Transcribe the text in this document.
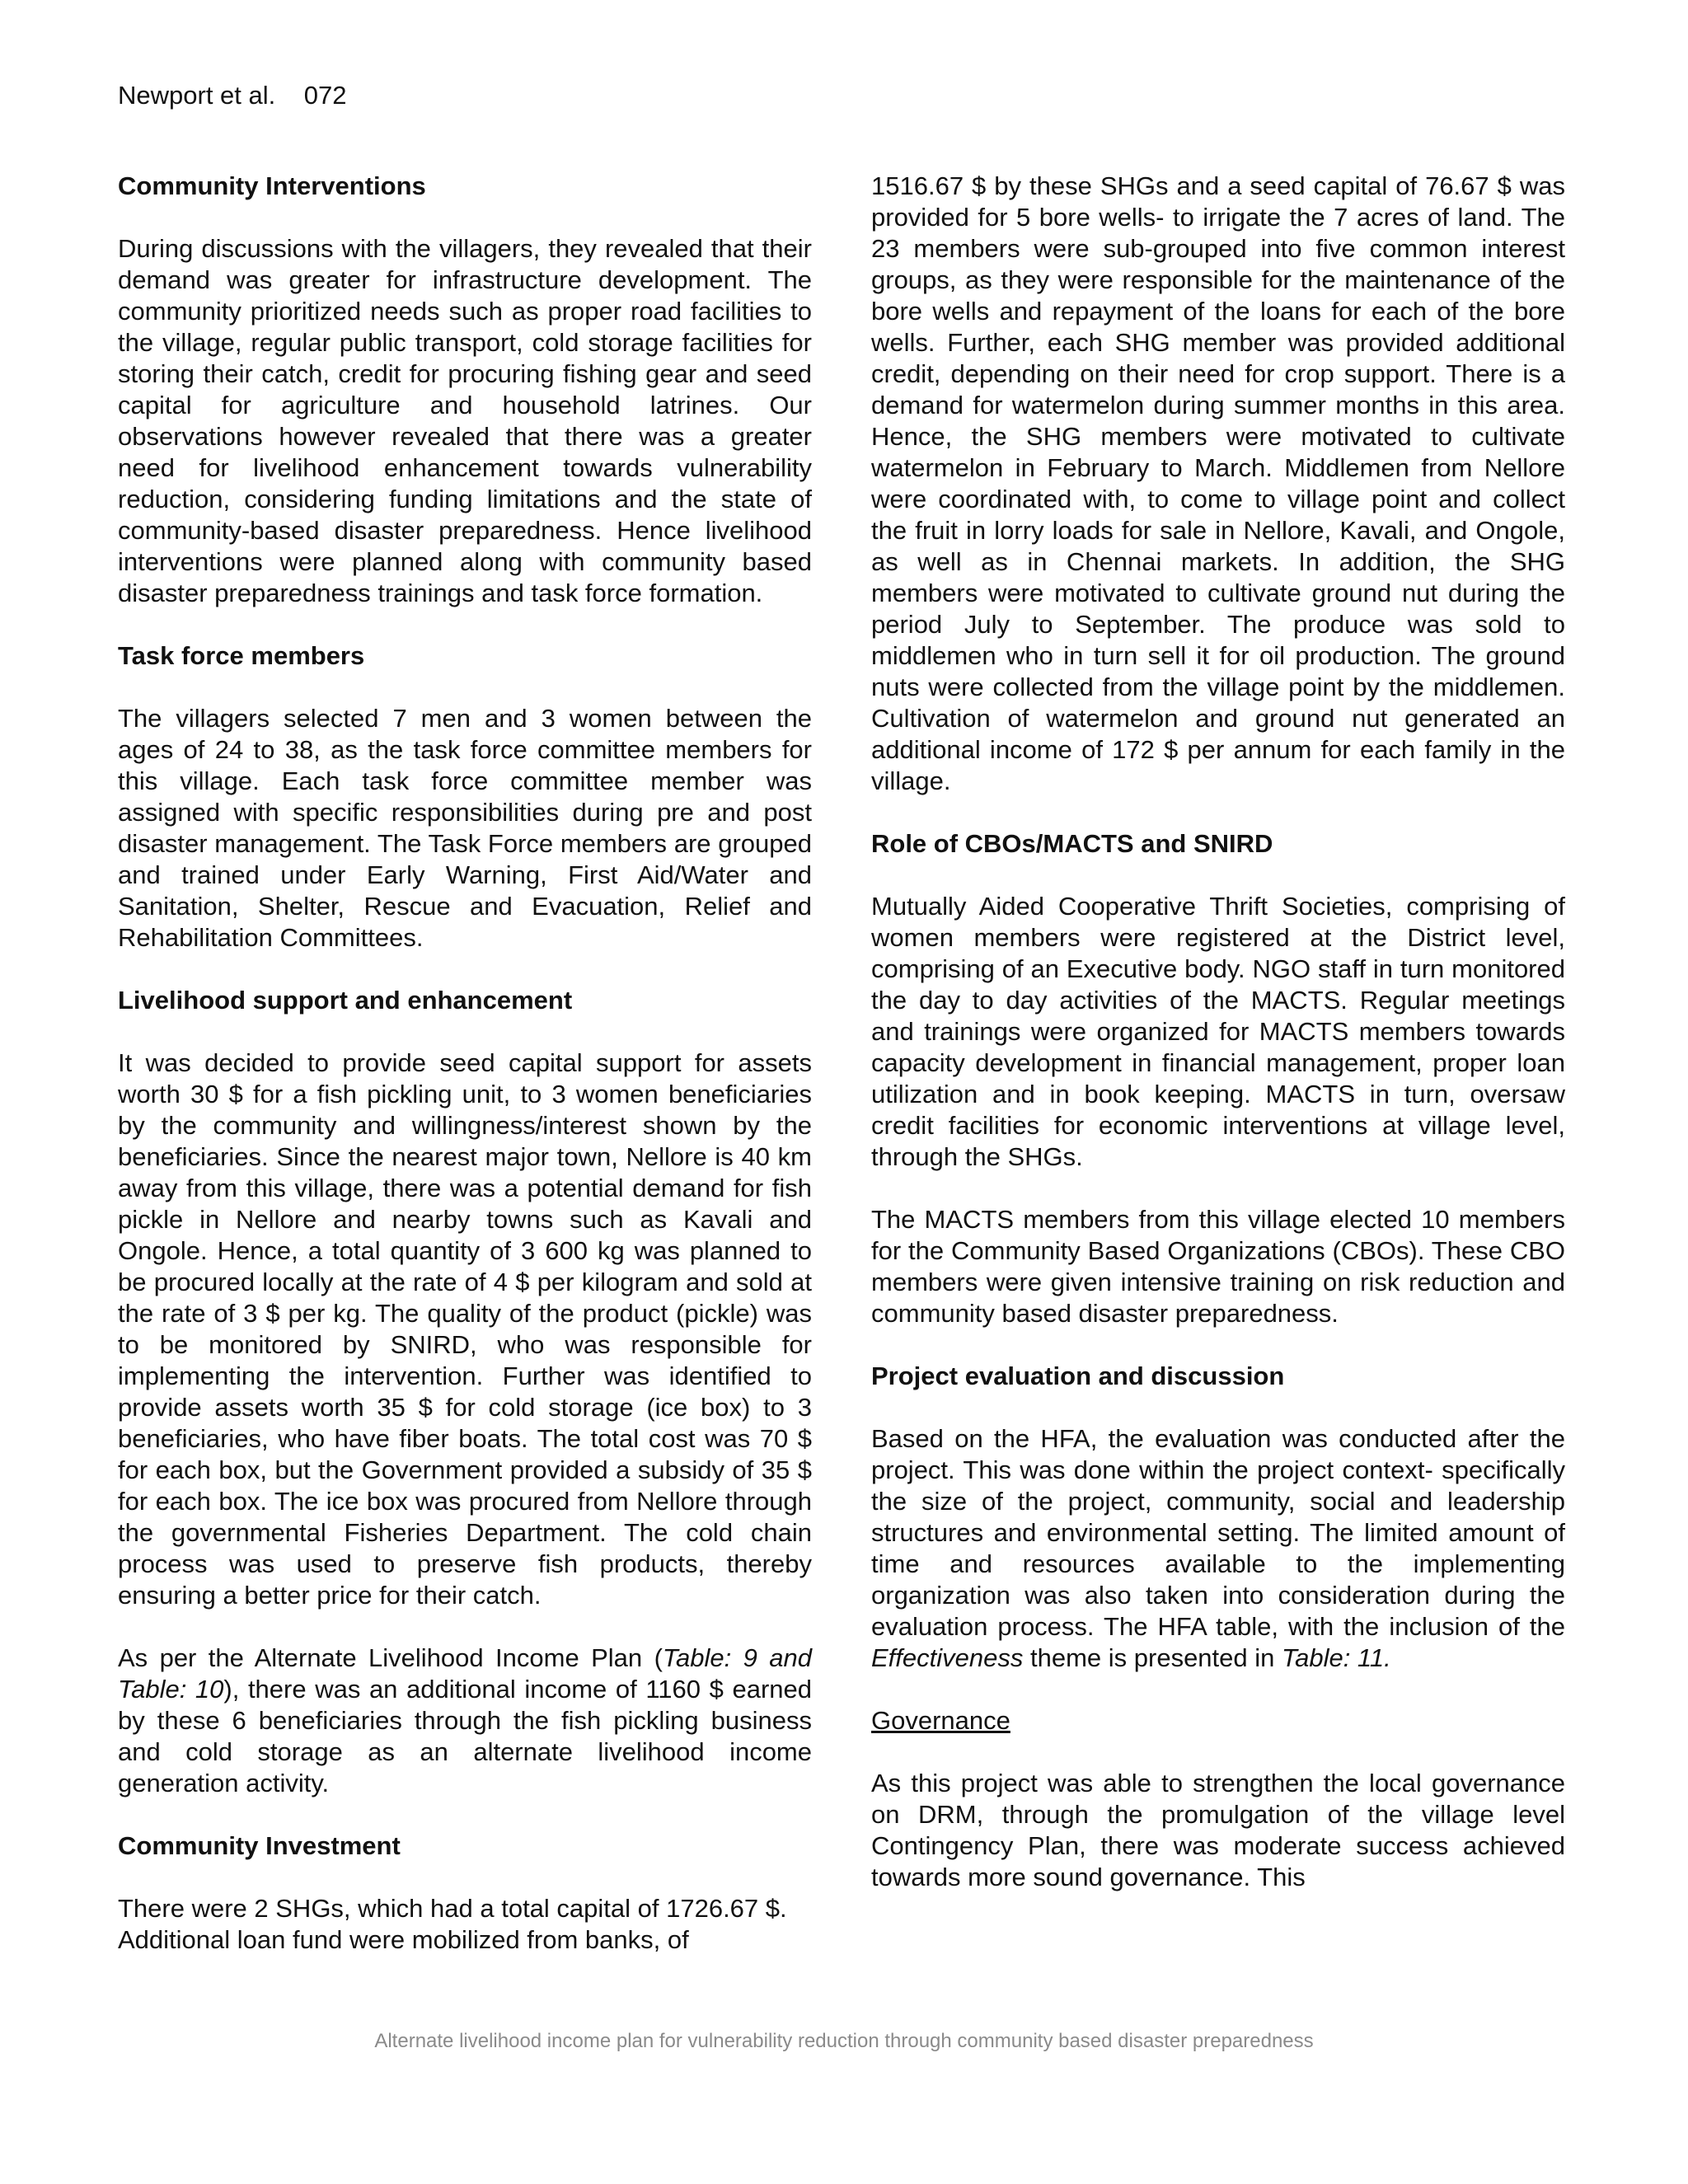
Newport et al. 072
Community Interventions

During discussions with the villagers, they revealed that their demand was greater for infrastructure development. The community prioritized needs such as proper road facilities to the village, regular public transport, cold storage facilities for storing their catch, credit for procuring fishing gear and seed capital for agriculture and household latrines. Our observations however revealed that there was a greater need for livelihood enhancement towards vulnerability reduction, considering funding limitations and the state of community-based disaster preparedness. Hence livelihood interventions were planned along with community based disaster preparedness trainings and task force formation.

Task force members

The villagers selected 7 men and 3 women between the ages of 24 to 38, as the task force committee members for this village. Each task force committee member was assigned with specific responsibilities during pre and post disaster management. The Task Force members are grouped and trained under Early Warning, First Aid/Water and Sanitation, Shelter, Rescue and Evacuation, Relief and Rehabilitation Committees.

Livelihood support and enhancement

It was decided to provide seed capital support for assets worth 30 $ for a fish pickling unit, to 3 women beneficiaries by the community and willingness/interest shown by the beneficiaries. Since the nearest major town, Nellore is 40 km away from this village, there was a potential demand for fish pickle in Nellore and nearby towns such as Kavali and Ongole. Hence, a total quantity of 3 600 kg was planned to be procured locally at the rate of 4 $ per kilogram and sold at the rate of 3 $ per kg. The quality of the product (pickle) was to be monitored by SNIRD, who was responsible for implementing the intervention. Further was identified to provide assets worth 35 $ for cold storage (ice box) to 3 beneficiaries, who have fiber boats. The total cost was 70 $ for each box, but the Government provided a subsidy of 35 $ for each box. The ice box was procured from Nellore through the governmental Fisheries Department. The cold chain process was used to preserve fish products, thereby ensuring a better price for their catch.

As per the Alternate Livelihood Income Plan (Table: 9 and Table: 10), there was an additional income of 1160 $ earned by these 6 beneficiaries through the fish pickling business and cold storage as an alternate livelihood income generation activity.

Community Investment

There were 2 SHGs, which had a total capital of 1726.67 $. Additional loan fund were mobilized from banks, of

1516.67 $ by these SHGs and a seed capital of 76.67 $ was provided for 5 bore wells- to irrigate the 7 acres of land. The 23 members were sub-grouped into five common interest groups, as they were responsible for the maintenance of the bore wells and repayment of the loans for each of the bore wells. Further, each SHG member was provided additional credit, depending on their need for crop support. There is a demand for watermelon during summer months in this area. Hence, the SHG members were motivated to cultivate watermelon in February to March. Middlemen from Nellore were coordinated with, to come to village point and collect the fruit in lorry loads for sale in Nellore, Kavali, and Ongole, as well as in Chennai markets. In addition, the SHG members were motivated to cultivate ground nut during the period July to September. The produce was sold to middlemen who in turn sell it for oil production. The ground nuts were collected from the village point by the middlemen. Cultivation of watermelon and ground nut generated an additional income of 172 $ per annum for each family in the village.

Role of CBOs/MACTS and SNIRD

Mutually Aided Cooperative Thrift Societies, comprising of women members were registered at the District level, comprising of an Executive body. NGO staff in turn monitored the day to day activities of the MACTS. Regular meetings and trainings were organized for MACTS members towards capacity development in financial management, proper loan utilization and in book keeping. MACTS in turn, oversaw credit facilities for economic interventions at village level, through the SHGs.

The MACTS members from this village elected 10 members for the Community Based Organizations (CBOs). These CBO members were given intensive training on risk reduction and community based disaster preparedness.

Project evaluation and discussion

Based on the HFA, the evaluation was conducted after the project. This was done within the project context- specifically the size of the project, community, social and leadership structures and environmental setting. The limited amount of time and resources available to the implementing organization was also taken into consideration during the evaluation process. The HFA table, with the inclusion of the Effectiveness theme is presented in Table: 11.

Governance

As this project was able to strengthen the local governance on DRM, through the promulgation of the village level Contingency Plan, there was moderate success achieved towards more sound governance. This

Alternate livelihood income plan for vulnerability reduction through community based disaster preparedness
